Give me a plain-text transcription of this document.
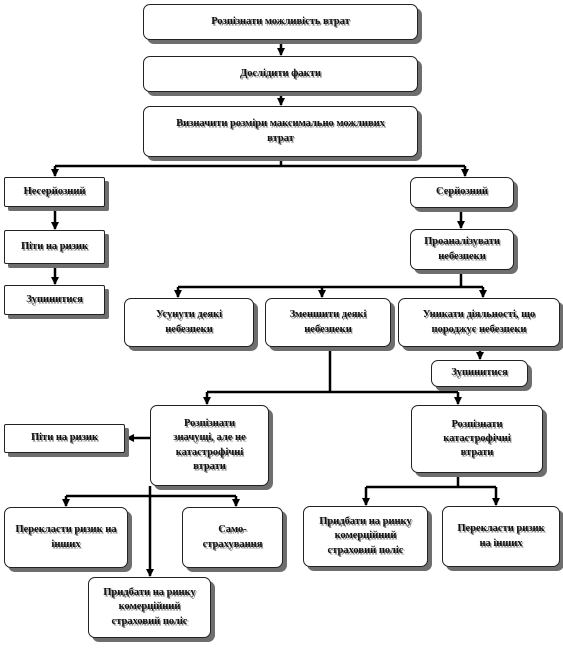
Розпізнати можливість втрат
Дослідити факти
Визначити розміри максимально можливих втрат
Несерйозний	Серйозний
Піти на ризик	Проаналізувати небезпеки
Зупинитися
Усунути деякі небезпеки
Зменшити деякі небезпеки
Уникати діяльності, що породжує небезпеки
Зупинитися
Піти на ризик
Розпізнати значущі, але не катастрофічні втрати
Розпізнати катастрофічні втрати
Перекласти ризик на інших
Само-страхування
Придбати на ринку комерційний страховий поліс
Придбати на ринку комерційний страховий поліс
Перекласти ризик на інших
